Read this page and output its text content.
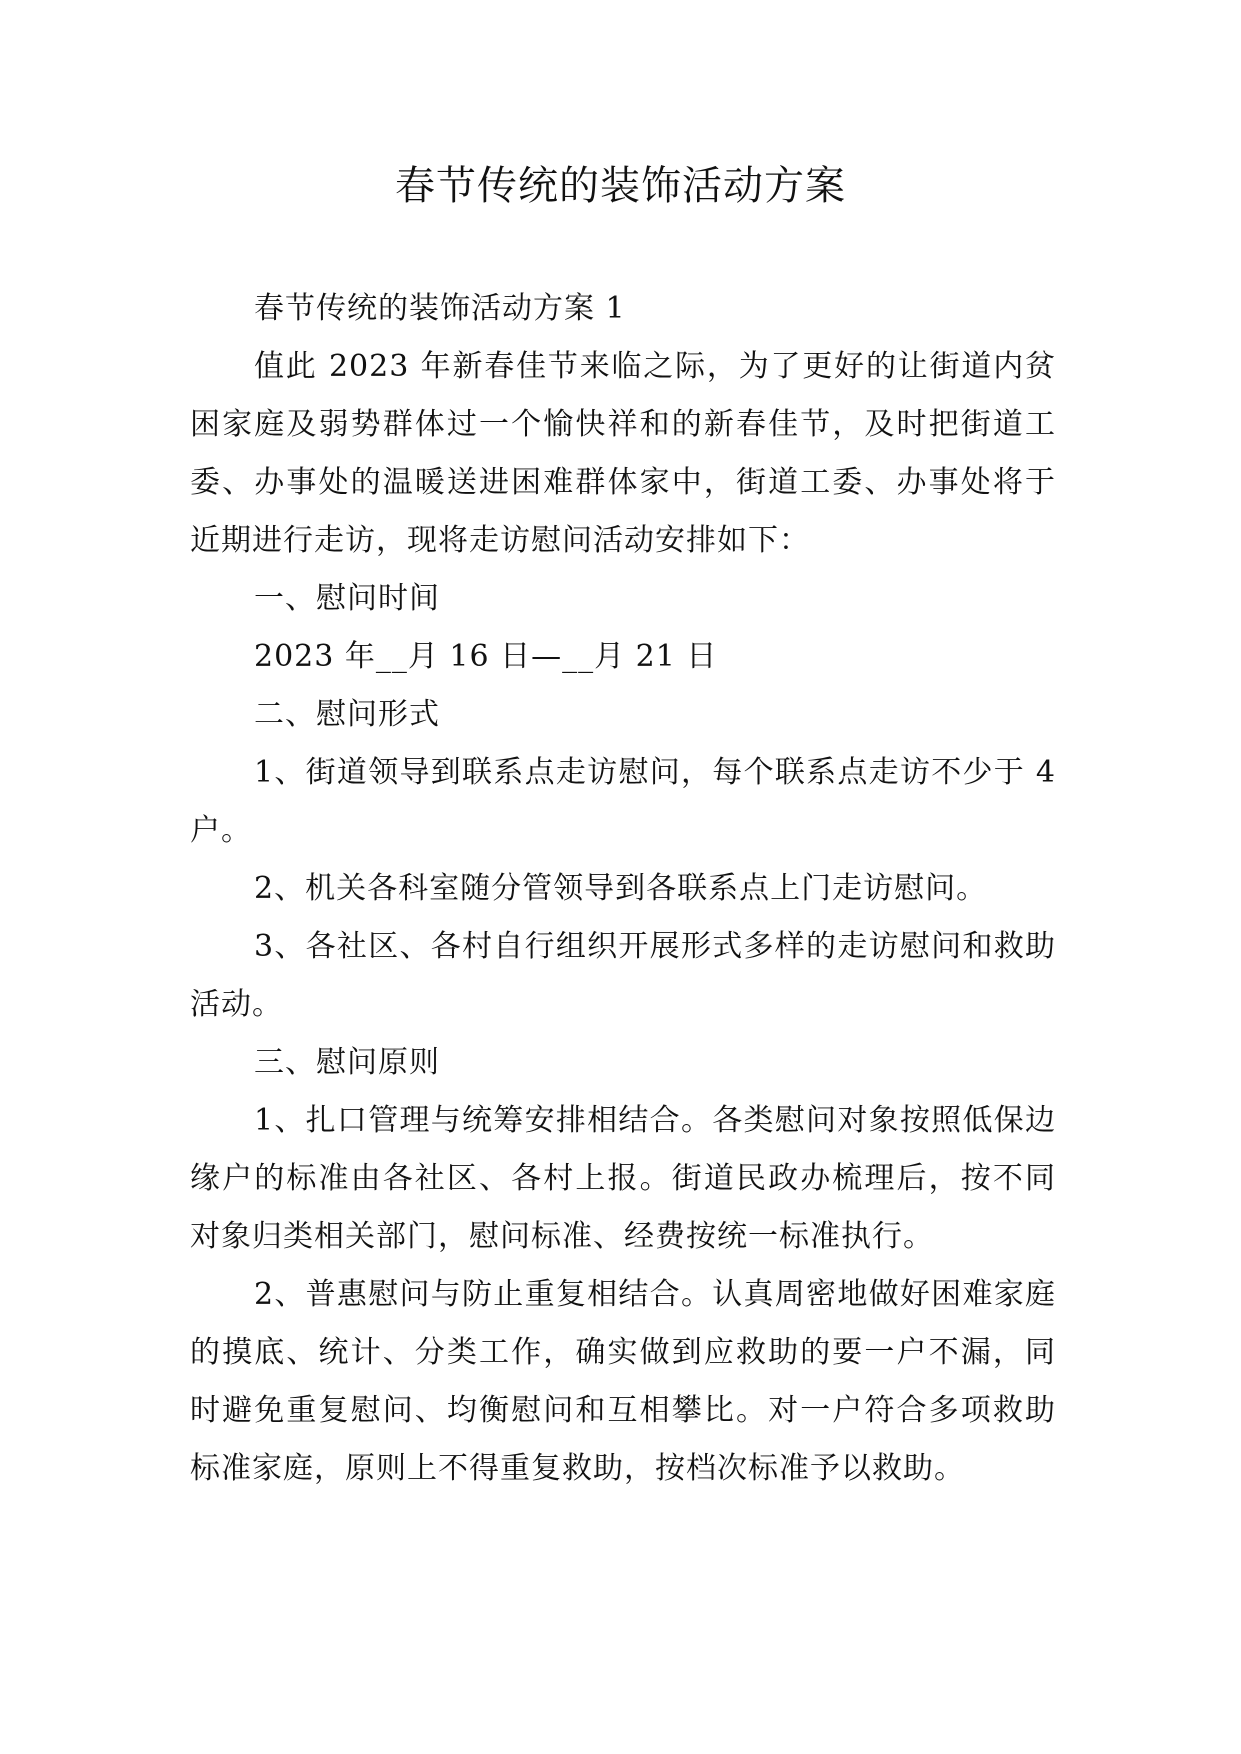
春节传统的装饰活动方案

春节传统的装饰活动方案 1

值此 2023 年新春佳节来临之际，为了更好的让街道内贫困家庭及弱势群体过一个愉快祥和的新春佳节，及时把街道工委、办事处的温暖送进困难群体家中，街道工委、办事处将于近期进行走访，现将走访慰问活动安排如下：

一、慰问时间

2023 年__月 16 日—__月 21 日

二、慰问形式

1、街道领导到联系点走访慰问，每个联系点走访不少于 4 户。

2、机关各科室随分管领导到各联系点上门走访慰问。

3、各社区、各村自行组织开展形式多样的走访慰问和救助活动。

三、慰问原则

1、扎口管理与统筹安排相结合。各类慰问对象按照低保边缘户的标准由各社区、各村上报。街道民政办梳理后，按不同对象归类相关部门，慰问标准、经费按统一标准执行。

2、普惠慰问与防止重复相结合。认真周密地做好困难家庭的摸底、统计、分类工作，确实做到应救助的要一户不漏，同时避免重复慰问、均衡慰问和互相攀比。对一户符合多项救助标准家庭，原则上不得重复救助，按档次标准予以救助。
